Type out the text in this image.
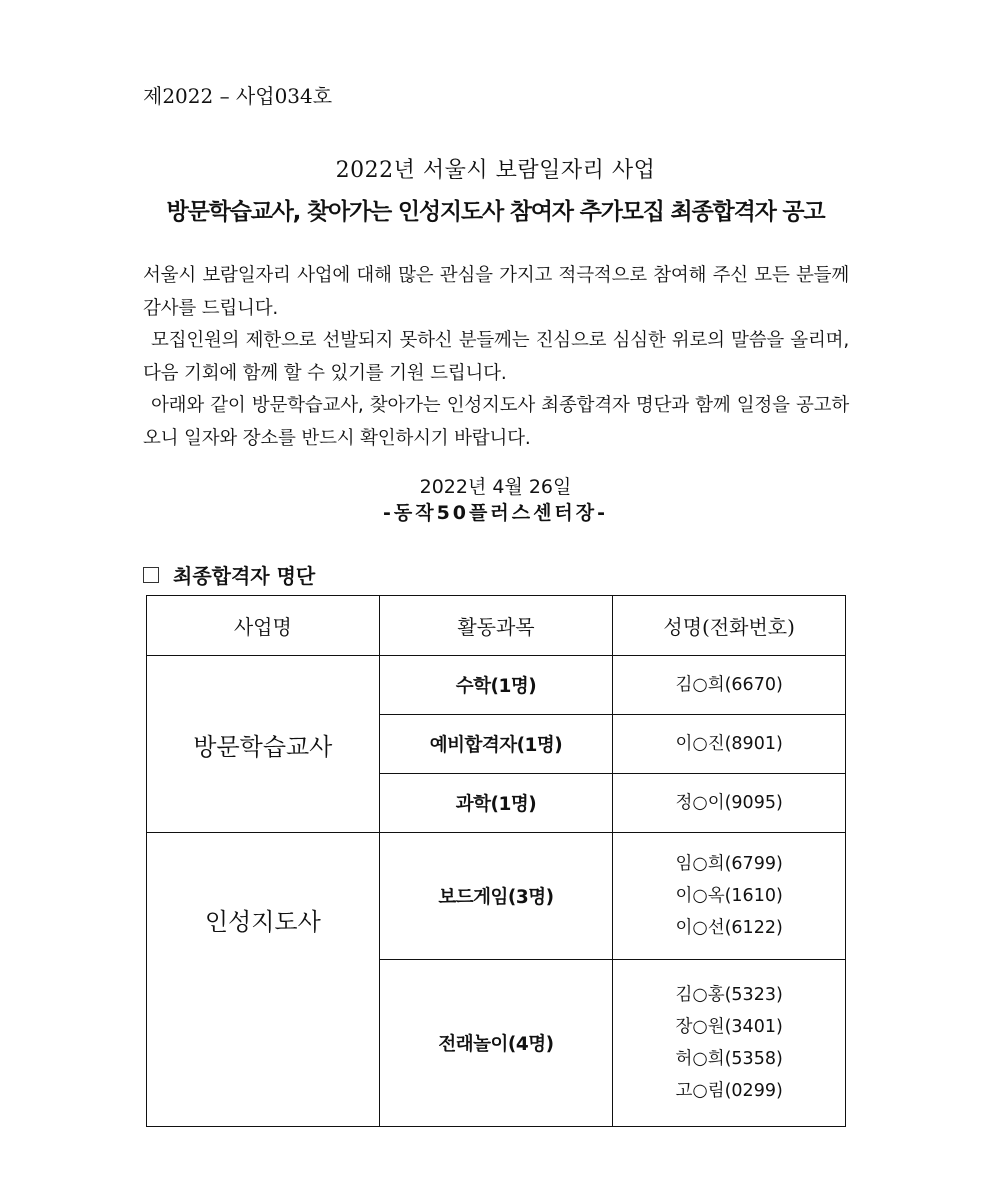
제2022 – 사업034호
2022년 서울시 보람일자리 사업
방문학습교사, 찾아가는 인성지도사 참여자 추가모집 최종합격자 공고

서울시 보람일자리 사업에 대해 많은 관심을 가지고 적극적으로 참여해 주신 모든 분들께 감사를 드립니다.

모집인원의 제한으로 선발되지 못하신 분들께는 진심으로 심심한 위로의 말씀을 올리며, 다음 기회에 함께 할 수 있기를 기원 드립니다.

아래와 같이 방문학습교사, 찾아가는 인성지도사 최종합격자 명단과 함께 일정을 공고하오니 일자와 장소를 반드시 확인하시기 바랍니다.

2022년 4월 26일
-동작50플러스센터장-
최종합격자 명단
사업명	활동과목	성명(전화번호)
방문학습교사	수학(1명)	김○희(6670)

	예비합격자(1명)	이○진(8901)

	과학(1명)	정○이(9095)

인성지도사	보드게임(3명)	임○희(6799)
이○옥(1610)
이○선(6122)

	전래놀이(4명)	김○홍(5323)
장○원(3401)
허○희(5358)
고○림(0299)
